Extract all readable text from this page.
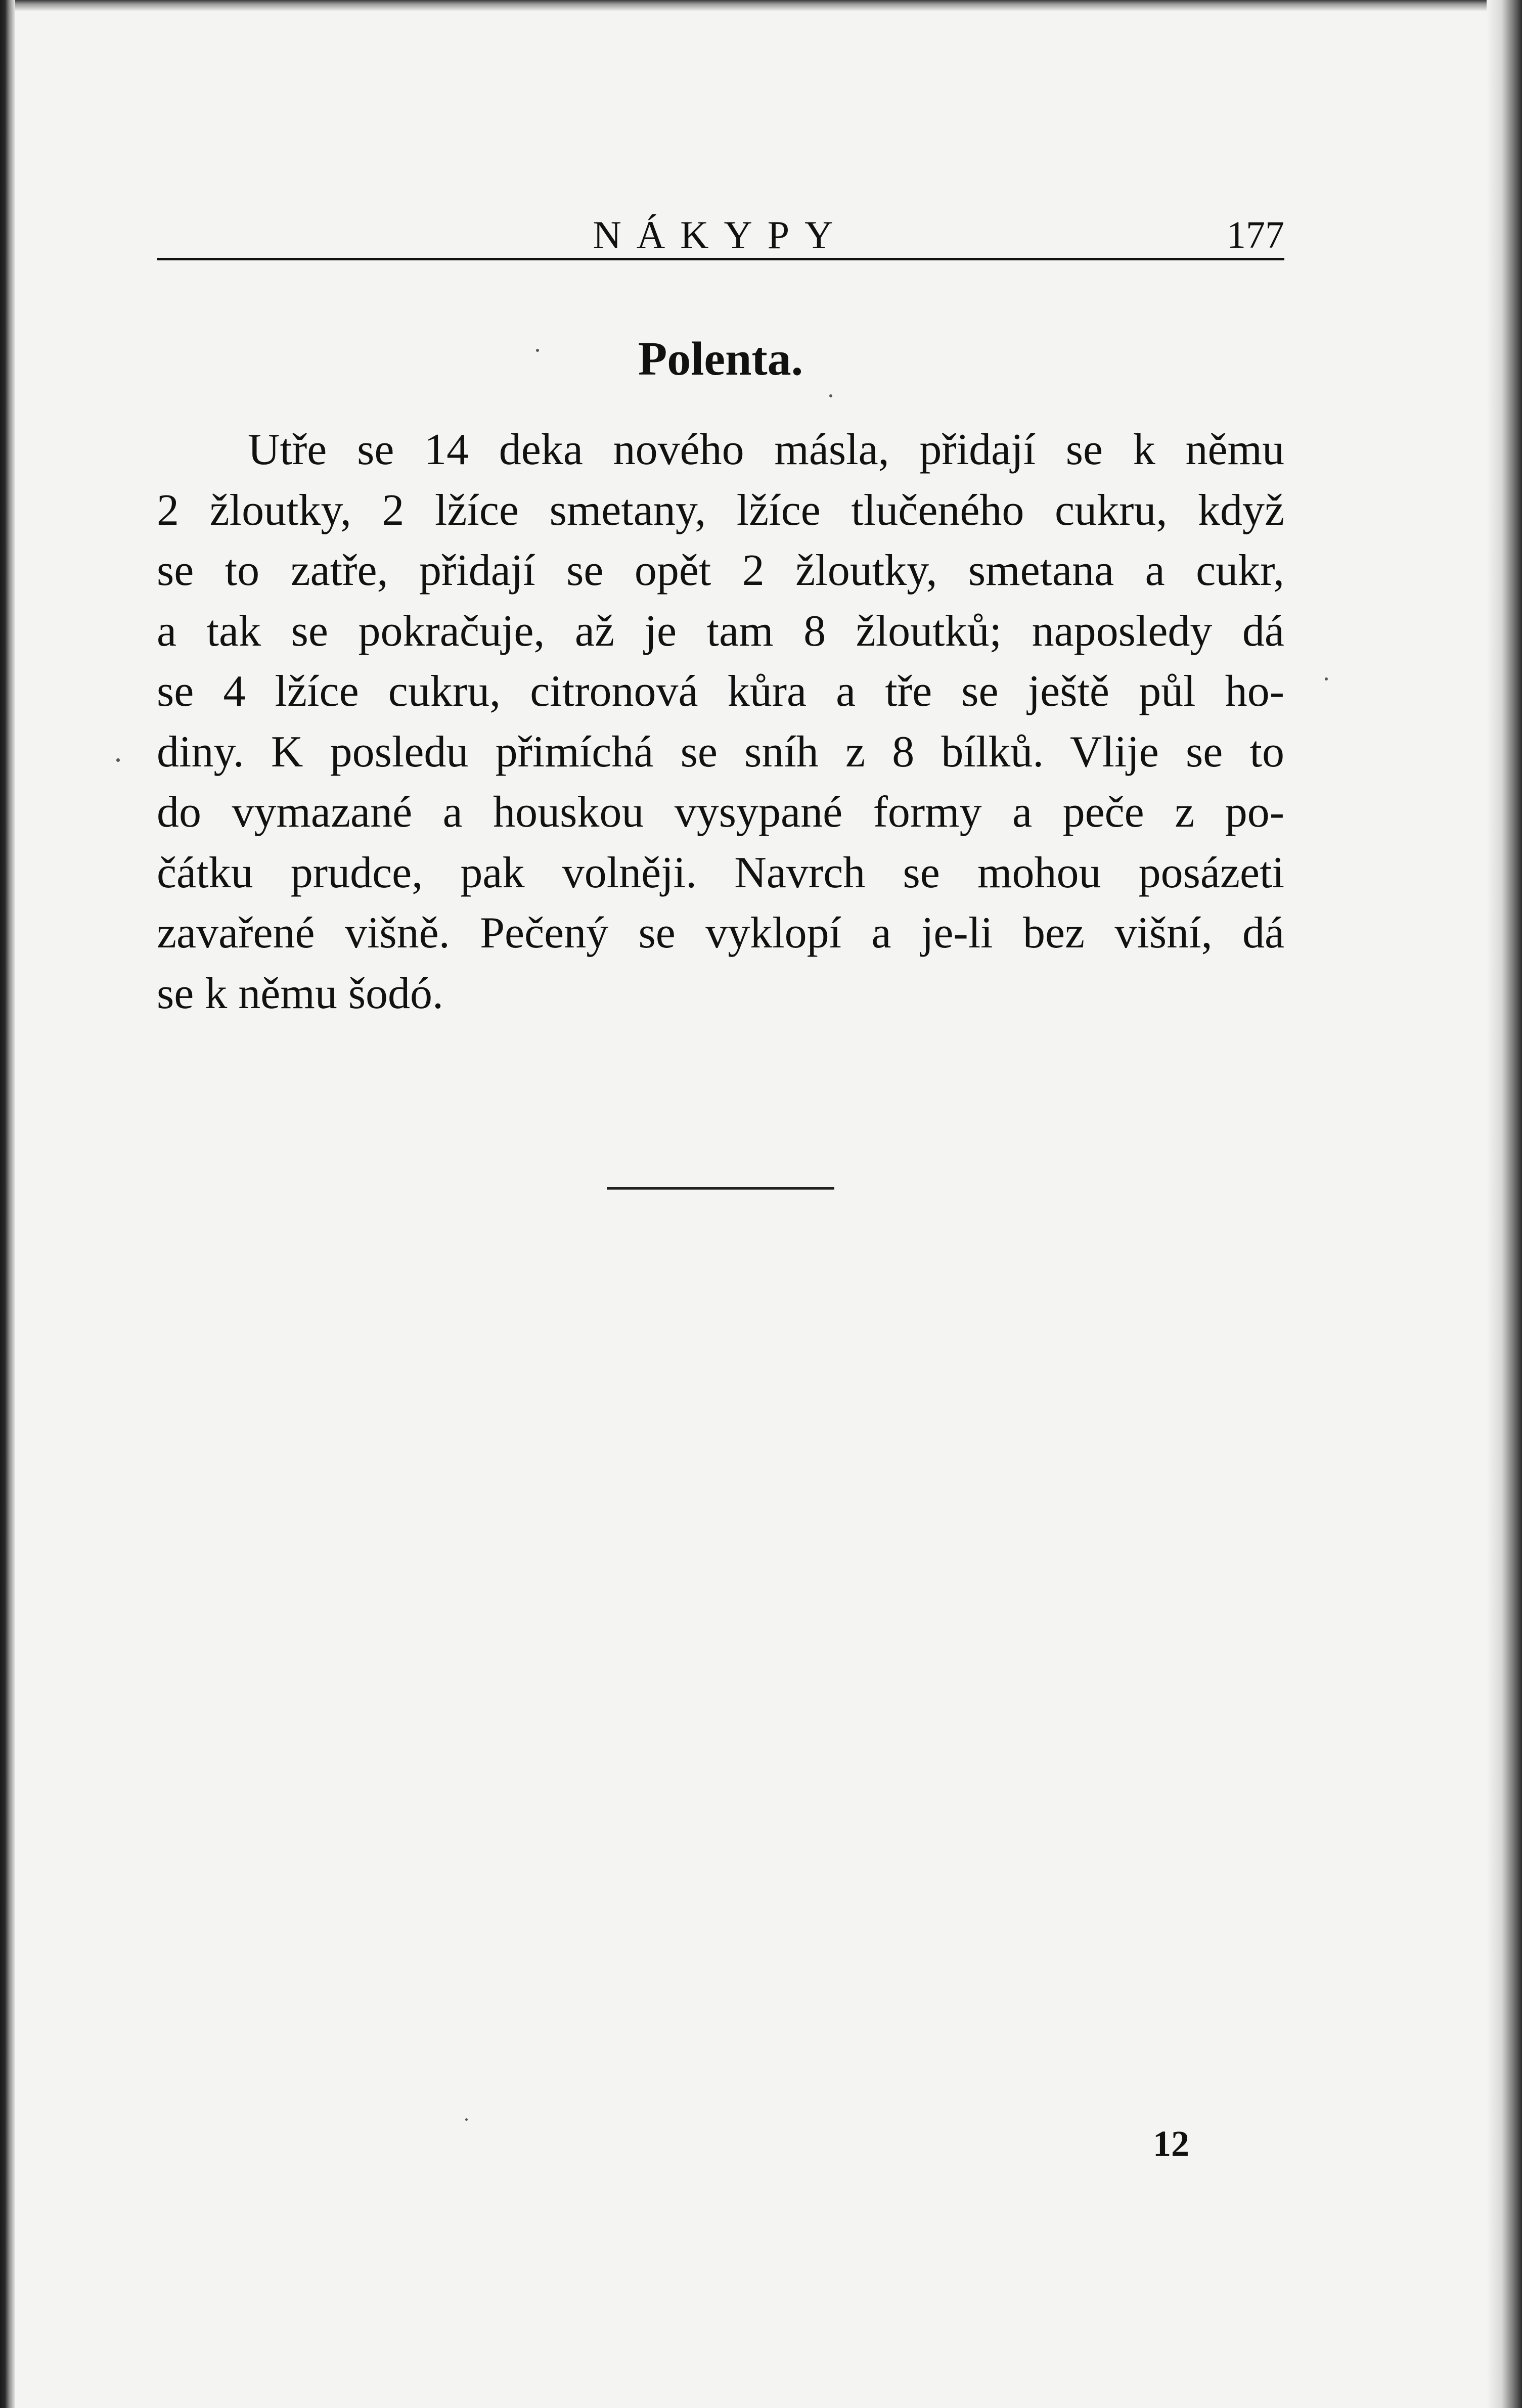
NÁKYPY	177
Polenta.
Utře se 14 deka nového másla, přidají se k němu
2 žloutky, 2 lžíce smetany, lžíce tlučeného cukru, když
se to zatře, přidají se opět 2 žloutky, smetana a cukr,
a tak se pokračuje, až je tam 8 žloutků; naposledy dá
se 4 lžíce cukru, citronová kůra a tře se ještě půl ho-
diny. K posledu přimíchá se sníh z 8 bílků. Vlije se to
do vymazané a houskou vysypané formy a peče z po-
čátku prudce, pak volněji. Navrch se mohou posázeti
zavařené višně. Pečený se vyklopí a je-li bez višní, dá
se k němu šodó.
12
